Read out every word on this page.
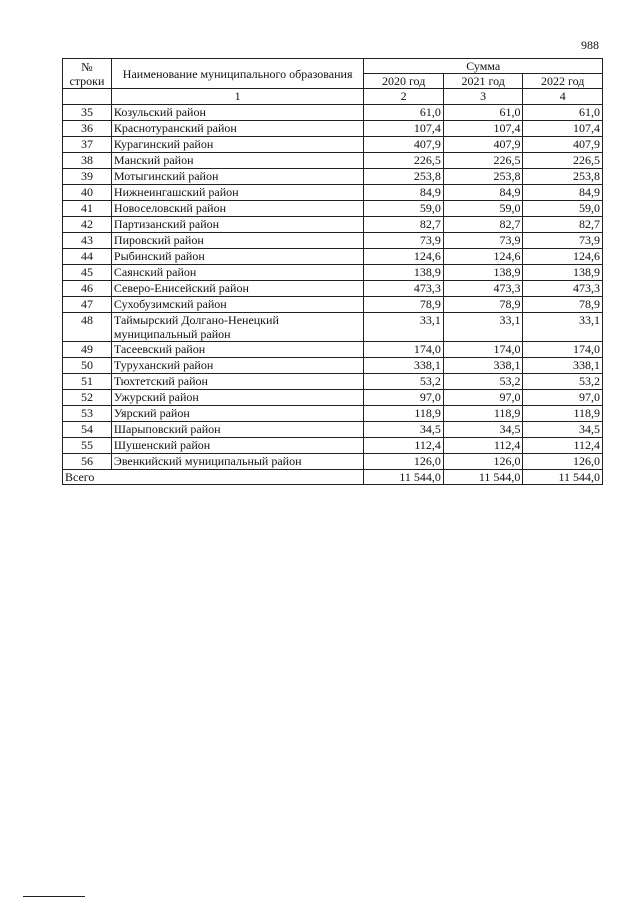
988
№ строки	Наименование муниципального образования	Сумма		
		2020 год	2021 год	2022 год
	1	2	3	4
35	Козульский район	61,0	61,0	61,0
36	Краснотуранский район	107,4	107,4	107,4
37	Курагинский район	407,9	407,9	407,9
38	Манский район	226,5	226,5	226,5
39	Мотыгинский район	253,8	253,8	253,8
40	Нижнеингашский район	84,9	84,9	84,9
41	Новоселовский район	59,0	59,0	59,0
42	Партизанский район	82,7	82,7	82,7
43	Пировский район	73,9	73,9	73,9
44	Рыбинский район	124,6	124,6	124,6
45	Саянский район	138,9	138,9	138,9
46	Северо-Енисейский район	473,3	473,3	473,3
47	Сухобузимский район	78,9	78,9	78,9
48	Таймырский Долгано-Ненецкий муниципальный район	33,1	33,1	33,1
49	Тасеевский район	174,0	174,0	174,0
50	Туруханский район	338,1	338,1	338,1
51	Тюхтетский район	53,2	53,2	53,2
52	Ужурский район	97,0	97,0	97,0
53	Уярский район	118,9	118,9	118,9
54	Шарыповский район	34,5	34,5	34,5
55	Шушенский район	112,4	112,4	112,4
56	Эвенкийский муниципальный район	126,0	126,0	126,0
Всего		11 544,0	11 544,0	11 544,0
